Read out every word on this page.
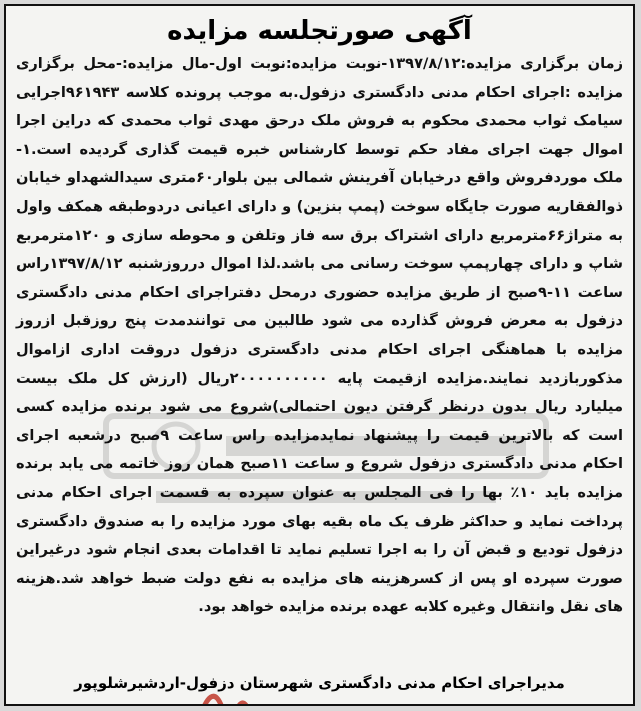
آگهی صورتجلسه مزایده
زمان برگزاری مزایده:۱۳۹۷/۸/۱۲-نوبت مزایده:نوبت اول-مال مزایده:-محل برگزاری مزایده :اجرای احکام مدنی دادگستری دزفول.به موجب پرونده کلاسه ۹۶۱۹۴۳اجرایی سیامک ثواب محمدی محکوم به فروش ملک درحق مهدی ثواب محمدی که دراین اجرا اموال جهت اجرای مفاد حکم توسط کارشناس خبره قیمت گذاری گردیده است.۱- ملک موردفروش واقع درخیابان آفرینش شمالی بین بلوار۶۰متری سیدالشهداو خیابان ذوالفقاریه صورت جایگاه سوخت (پمپ بنزین) و دارای اعیانی دردوطبقه همکف واول به متراژ۶۶مترمربع دارای اشتراک برق سه فاز وتلفن و محوطه سازی و ۱۲۰مترمربع شاپ و دارای چهارپمپ سوخت رسانی می باشد.لذا اموال درروزشنبه ۱۳۹۷/۸/۱۲راس ساعت ۱۱-۹صبح از طریق مزایده حضوری درمحل دفتراجرای احکام مدنی دادگستری دزفول به معرض فروش گذارده می شود طالبین می توانندمدت پنج روزقبل ازروز مزایده با هماهنگی اجرای احکام مدنی دادگستری دزفول دروقت اداری ازاموال مذکوربازدید نمایند.مزایده ازقیمت پایه ۲۰۰۰۰۰۰۰۰۰۰ریال (ارزش کل ملک بیست میلیارد ریال بدون درنظر گرفتن دیون احتمالی)شروع می شود برنده مزایده کسی است که بالاترین قیمت را پیشنهاد نمایدمزایده راس ساعت ۹صبح درشعبه اجرای احکام مدنی دادگستری دزفول شروع و ساعت ۱۱صبح همان روز خاتمه می یابد برنده مزایده باید ۱۰٪ بها را فی المجلس به عنوان سپرده به قسمت اجرای احکام مدنی پرداخت نماید و حداکثر ظرف یک ماه بقیه بهای مورد مزایده را به صندوق دادگستری دزفول تودیع و قبض آن را به اجرا تسلیم نماید تا اقدامات بعدی انجام شود درغیراین صورت سپرده او پس از کسرهزینه های مزایده به نفع دولت ضبط خواهد شد.هزینه های نقل وانتقال وغیره کلابه عهده برنده مزایده خواهد بود.
مدیراجرای احکام مدنی دادگستری شهرستان دزفول-اردشیرشلوپور
